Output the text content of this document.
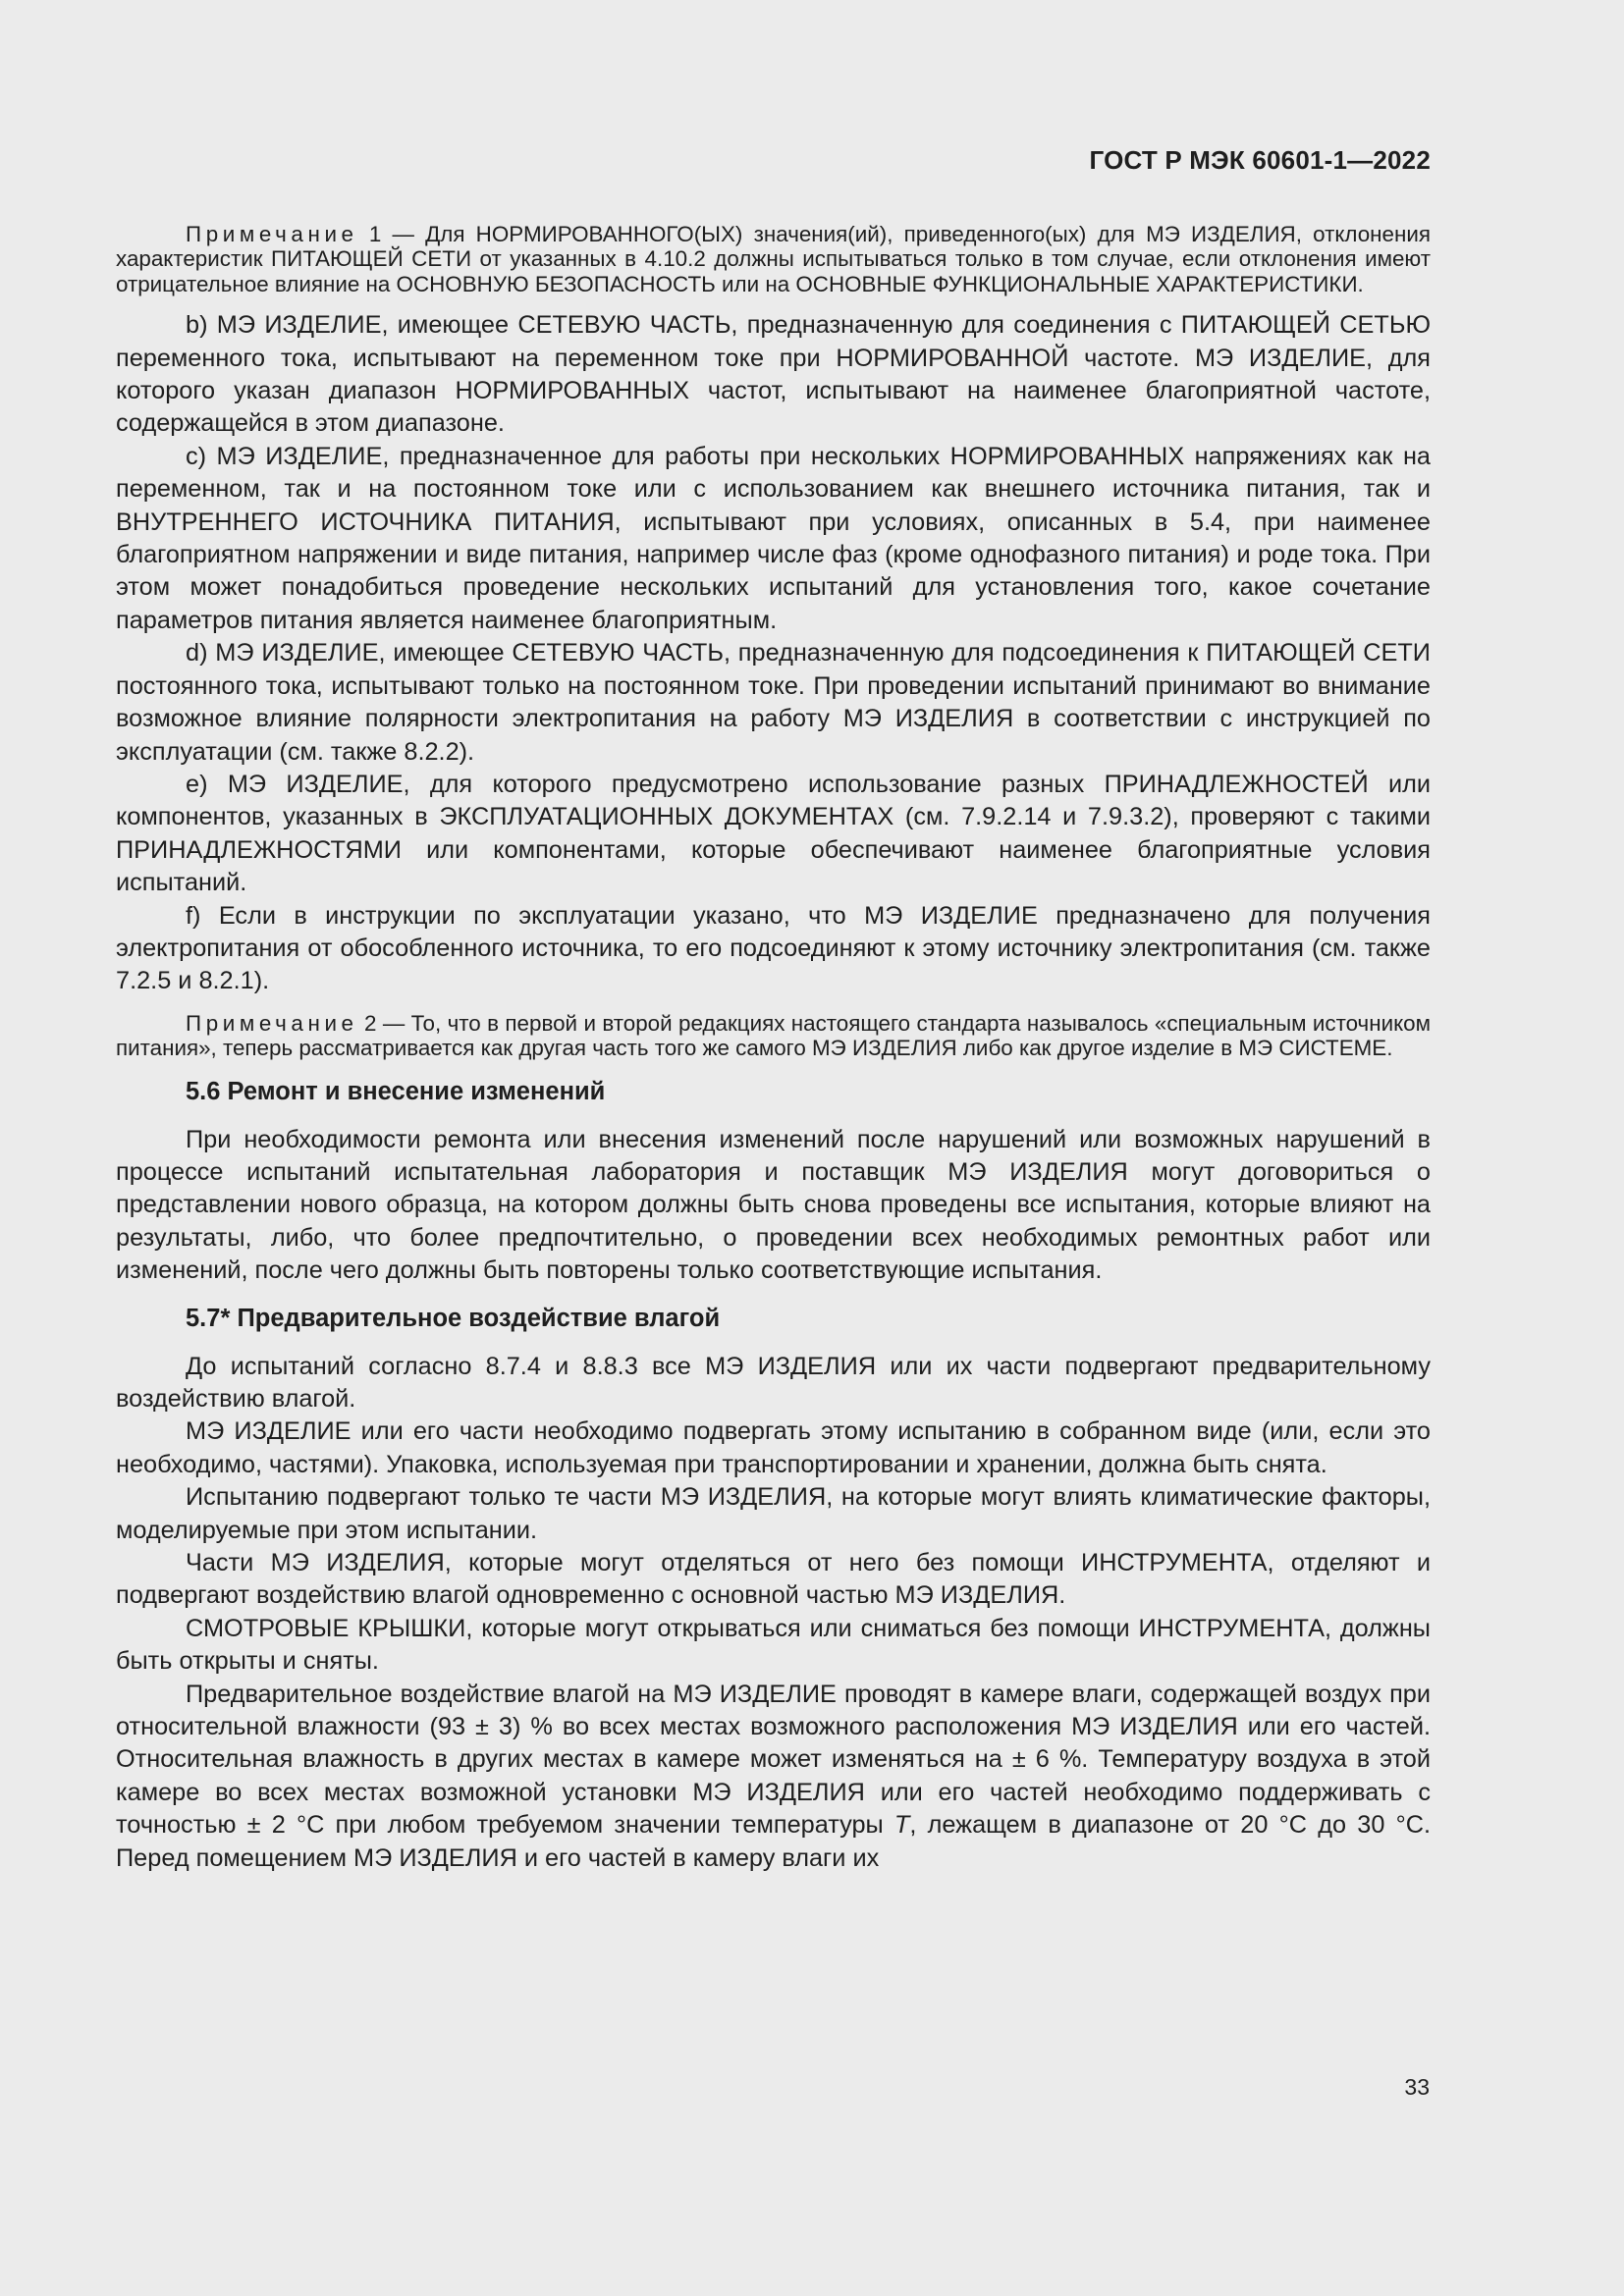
ГОСТ Р МЭК 60601-1—2022

Примечание 1 — Для НОРМИРОВАННОГО(ЫХ) значения(ий), приведенного(ых) для МЭ ИЗДЕЛИЯ, отклонения характеристик ПИТАЮЩЕЙ СЕТИ от указанных в 4.10.2 должны испытываться только в том случае, если отклонения имеют отрицательное влияние на ОСНОВНУЮ БЕЗОПАСНОСТЬ или на ОСНОВНЫЕ ФУНКЦИОНАЛЬНЫЕ ХАРАКТЕРИСТИКИ.

b) МЭ ИЗДЕЛИЕ, имеющее СЕТЕВУЮ ЧАСТЬ, предназначенную для соединения с ПИТАЮЩЕЙ СЕТЬЮ переменного тока, испытывают на переменном токе при НОРМИРОВАННОЙ частоте. МЭ ИЗДЕЛИЕ, для которого указан диапазон НОРМИРОВАННЫХ частот, испытывают на наименее благоприятной частоте, содержащейся в этом диапазоне.

c) МЭ ИЗДЕЛИЕ, предназначенное для работы при нескольких НОРМИРОВАННЫХ напряжениях как на переменном, так и на постоянном токе или с использованием как внешнего источника питания, так и ВНУТРЕННЕГО ИСТОЧНИКА ПИТАНИЯ, испытывают при условиях, описанных в 5.4, при наименее благоприятном напряжении и виде питания, например числе фаз (кроме однофазного питания) и роде тока. При этом может понадобиться проведение нескольких испытаний для установления того, какое сочетание параметров питания является наименее благоприятным.

d) МЭ ИЗДЕЛИЕ, имеющее СЕТЕВУЮ ЧАСТЬ, предназначенную для подсоединения к ПИТАЮЩЕЙ СЕТИ постоянного тока, испытывают только на постоянном токе. При проведении испытаний принимают во внимание возможное влияние полярности электропитания на работу МЭ ИЗДЕЛИЯ в соответствии с инструкцией по эксплуатации (см. также 8.2.2).

e) МЭ ИЗДЕЛИЕ, для которого предусмотрено использование разных ПРИНАДЛЕЖНОСТЕЙ или компонентов, указанных в ЭКСПЛУАТАЦИОННЫХ ДОКУМЕНТАХ (см. 7.9.2.14 и 7.9.3.2), проверяют с такими ПРИНАДЛЕЖНОСТЯМИ или компонентами, которые обеспечивают наименее благоприятные условия испытаний.

f) Если в инструкции по эксплуатации указано, что МЭ ИЗДЕЛИЕ предназначено для получения электропитания от обособленного источника, то его подсоединяют к этому источнику электропитания (см. также 7.2.5 и 8.2.1).

Примечание 2 — То, что в первой и второй редакциях настоящего стандарта называлось «специальным источником питания», теперь рассматривается как другая часть того же самого МЭ ИЗДЕЛИЯ либо как другое изделие в МЭ СИСТЕМЕ.

5.6 Ремонт и внесение изменений

При необходимости ремонта или внесения изменений после нарушений или возможных нарушений в процессе испытаний испытательная лаборатория и поставщик МЭ ИЗДЕЛИЯ могут договориться о представлении нового образца, на котором должны быть снова проведены все испытания, которые влияют на результаты, либо, что более предпочтительно, о проведении всех необходимых ремонтных работ или изменений, после чего должны быть повторены только соответствующие испытания.

5.7* Предварительное воздействие влагой

До испытаний согласно 8.7.4 и 8.8.3 все МЭ ИЗДЕЛИЯ или их части подвергают предварительному воздействию влагой.

МЭ ИЗДЕЛИЕ или его части необходимо подвергать этому испытанию в собранном виде (или, если это необходимо, частями). Упаковка, используемая при транспортировании и хранении, должна быть снята.

Испытанию подвергают только те части МЭ ИЗДЕЛИЯ, на которые могут влиять климатические факторы, моделируемые при этом испытании.

Части МЭ ИЗДЕЛИЯ, которые могут отделяться от него без помощи ИНСТРУМЕНТА, отделяют и подвергают воздействию влагой одновременно с основной частью МЭ ИЗДЕЛИЯ.

СМОТРОВЫЕ КРЫШКИ, которые могут открываться или сниматься без помощи ИНСТРУМЕНТА, должны быть открыты и сняты.

Предварительное воздействие влагой на МЭ ИЗДЕЛИЕ проводят в камере влаги, содержащей воздух при относительной влажности (93 ± 3) % во всех местах возможного расположения МЭ ИЗДЕЛИЯ или его частей. Относительная влажность в других местах в камере может изменяться на ± 6 %. Температуру воздуха в этой камере во всех местах возможной установки МЭ ИЗДЕЛИЯ или его частей необходимо поддерживать с точностью ± 2 °C при любом требуемом значении температуры T, лежащем в диапазоне от 20 °C до 30 °C. Перед помещением МЭ ИЗДЕЛИЯ и его частей в камеру влаги их

33
